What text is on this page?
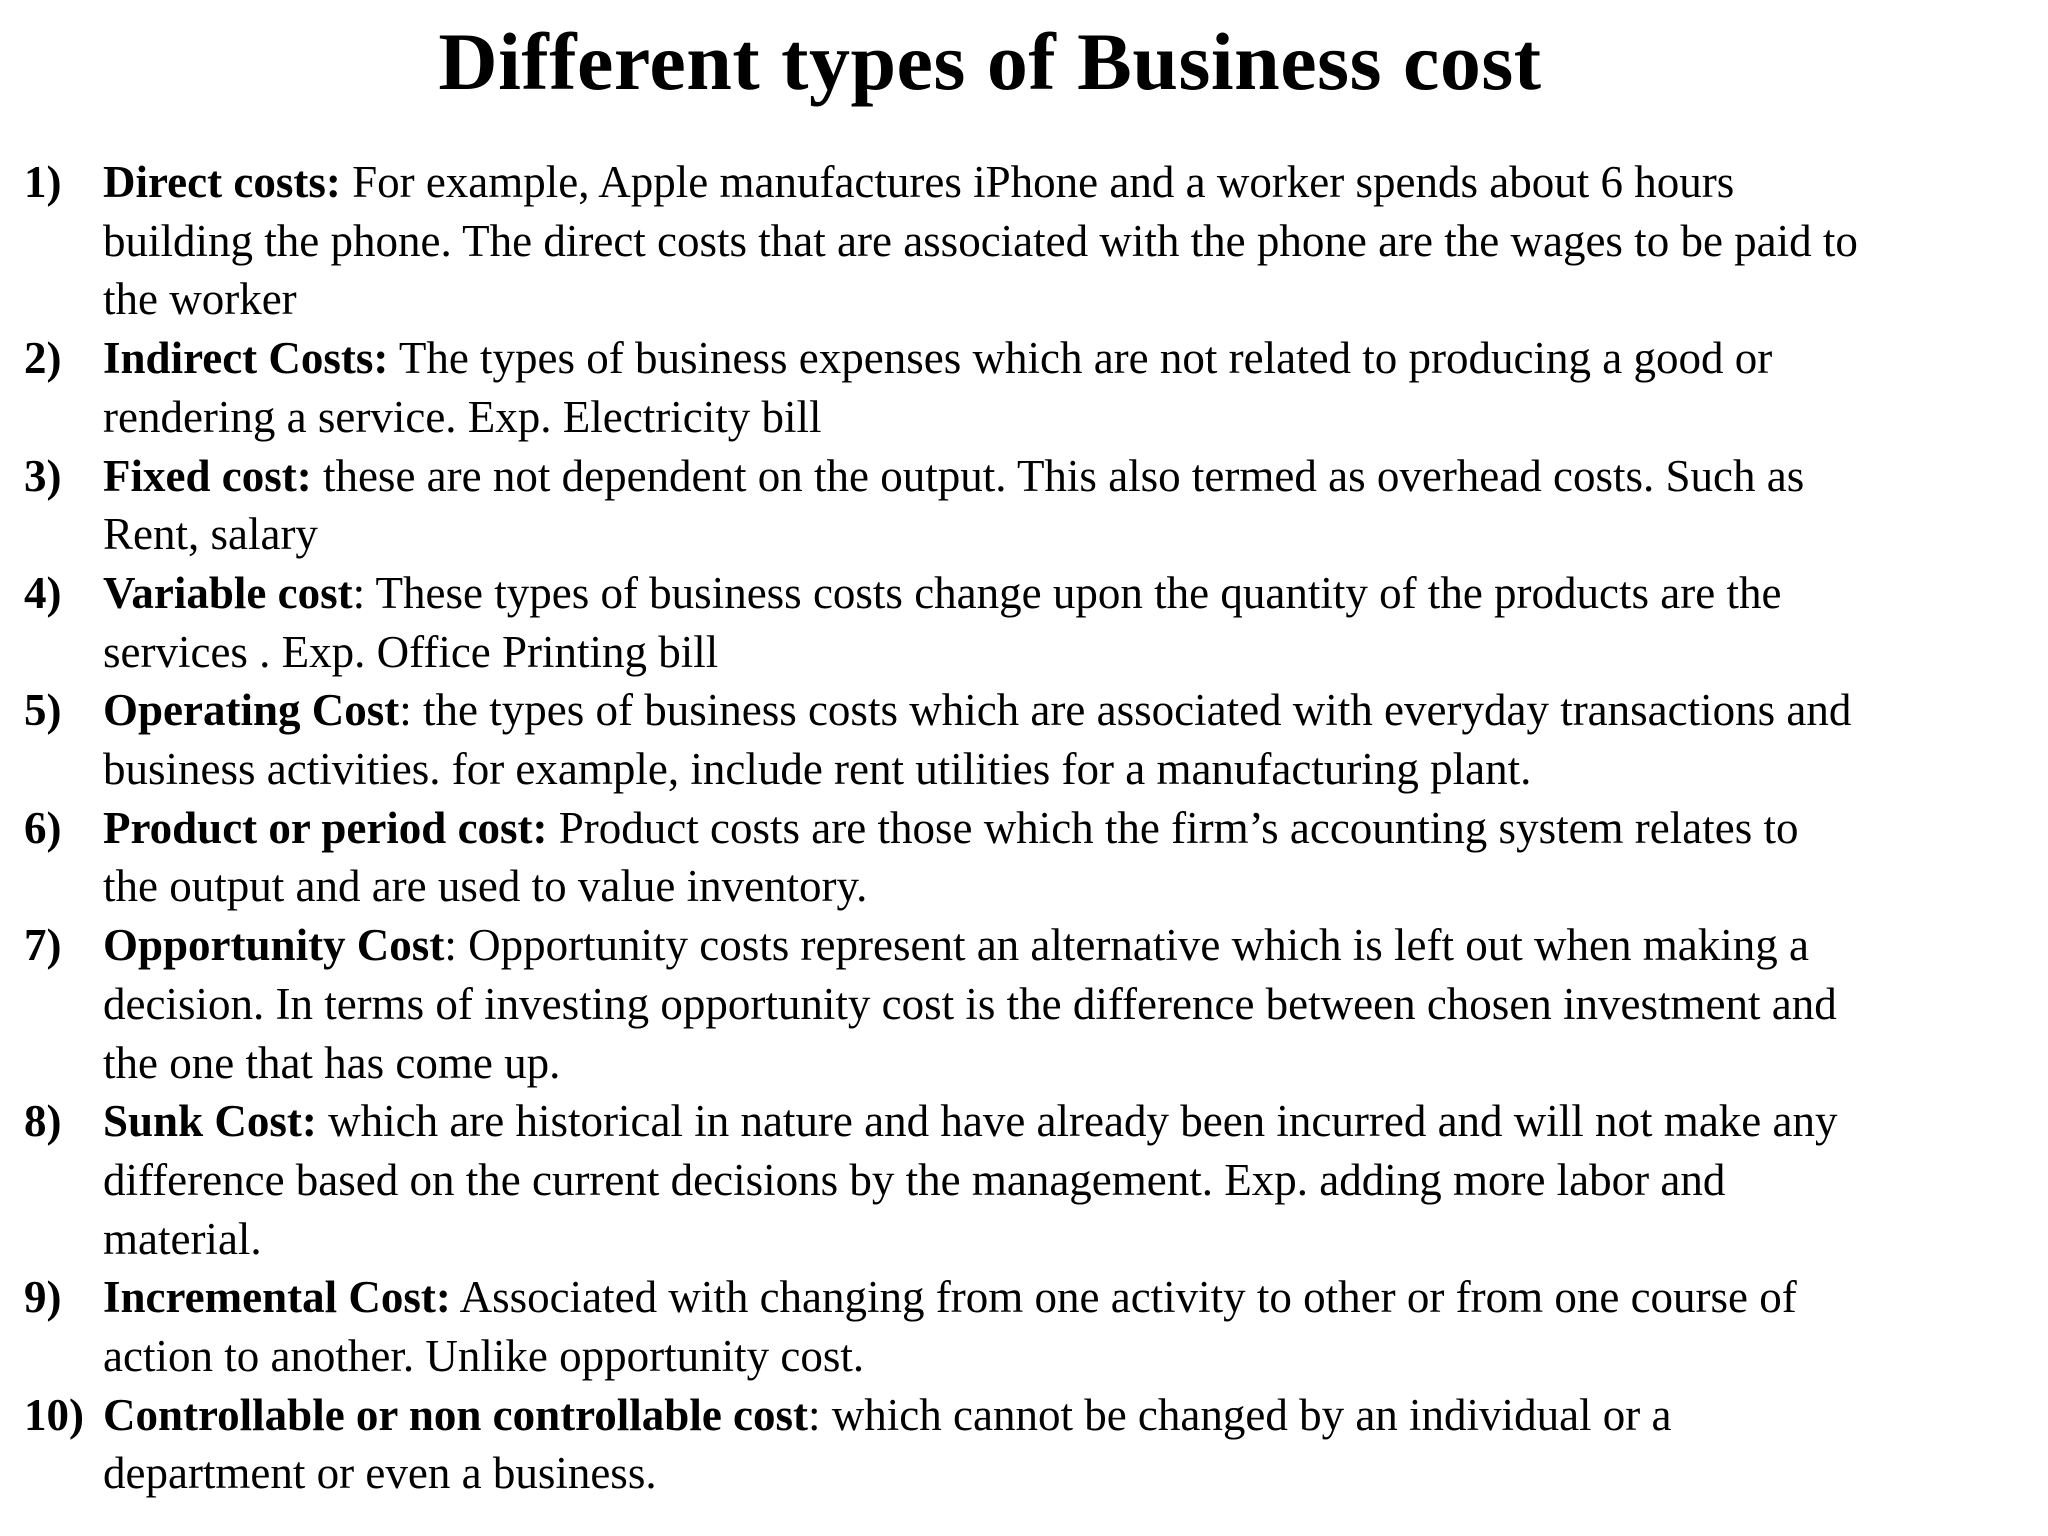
Different types of Business cost
1) Direct costs: For example, Apple manufactures iPhone and a worker spends about 6 hours
building the phone. The direct costs that are associated with the phone are the wages to be paid to
the worker
2) Indirect Costs: The types of business expenses which are not related to producing a good or
rendering a service. Exp. Electricity bill
3) Fixed cost: these are not dependent on the output. This also termed as overhead costs. Such as
Rent, salary
4) Variable cost: These types of business costs change upon the quantity of the products are the
services . Exp. Office Printing bill
5) Operating Cost: the types of business costs which are associated with everyday transactions and
business activities. for example, include rent utilities for a manufacturing plant.
6) Product or period cost: Product costs are those which the firm’s accounting system relates to
the output and are used to value inventory.
7) Opportunity Cost: Opportunity costs represent an alternative which is left out when making a
decision. In terms of investing opportunity cost is the difference between chosen investment and
the one that has come up.
8) Sunk Cost: which are historical in nature and have already been incurred and will not make any
difference based on the current decisions by the management. Exp. adding more labor and
material.
9) Incremental Cost: Associated with changing from one activity to other or from one course of
action to another. Unlike opportunity cost.
10) Controllable or non controllable cost: which cannot be changed by an individual or a
department or even a business.
